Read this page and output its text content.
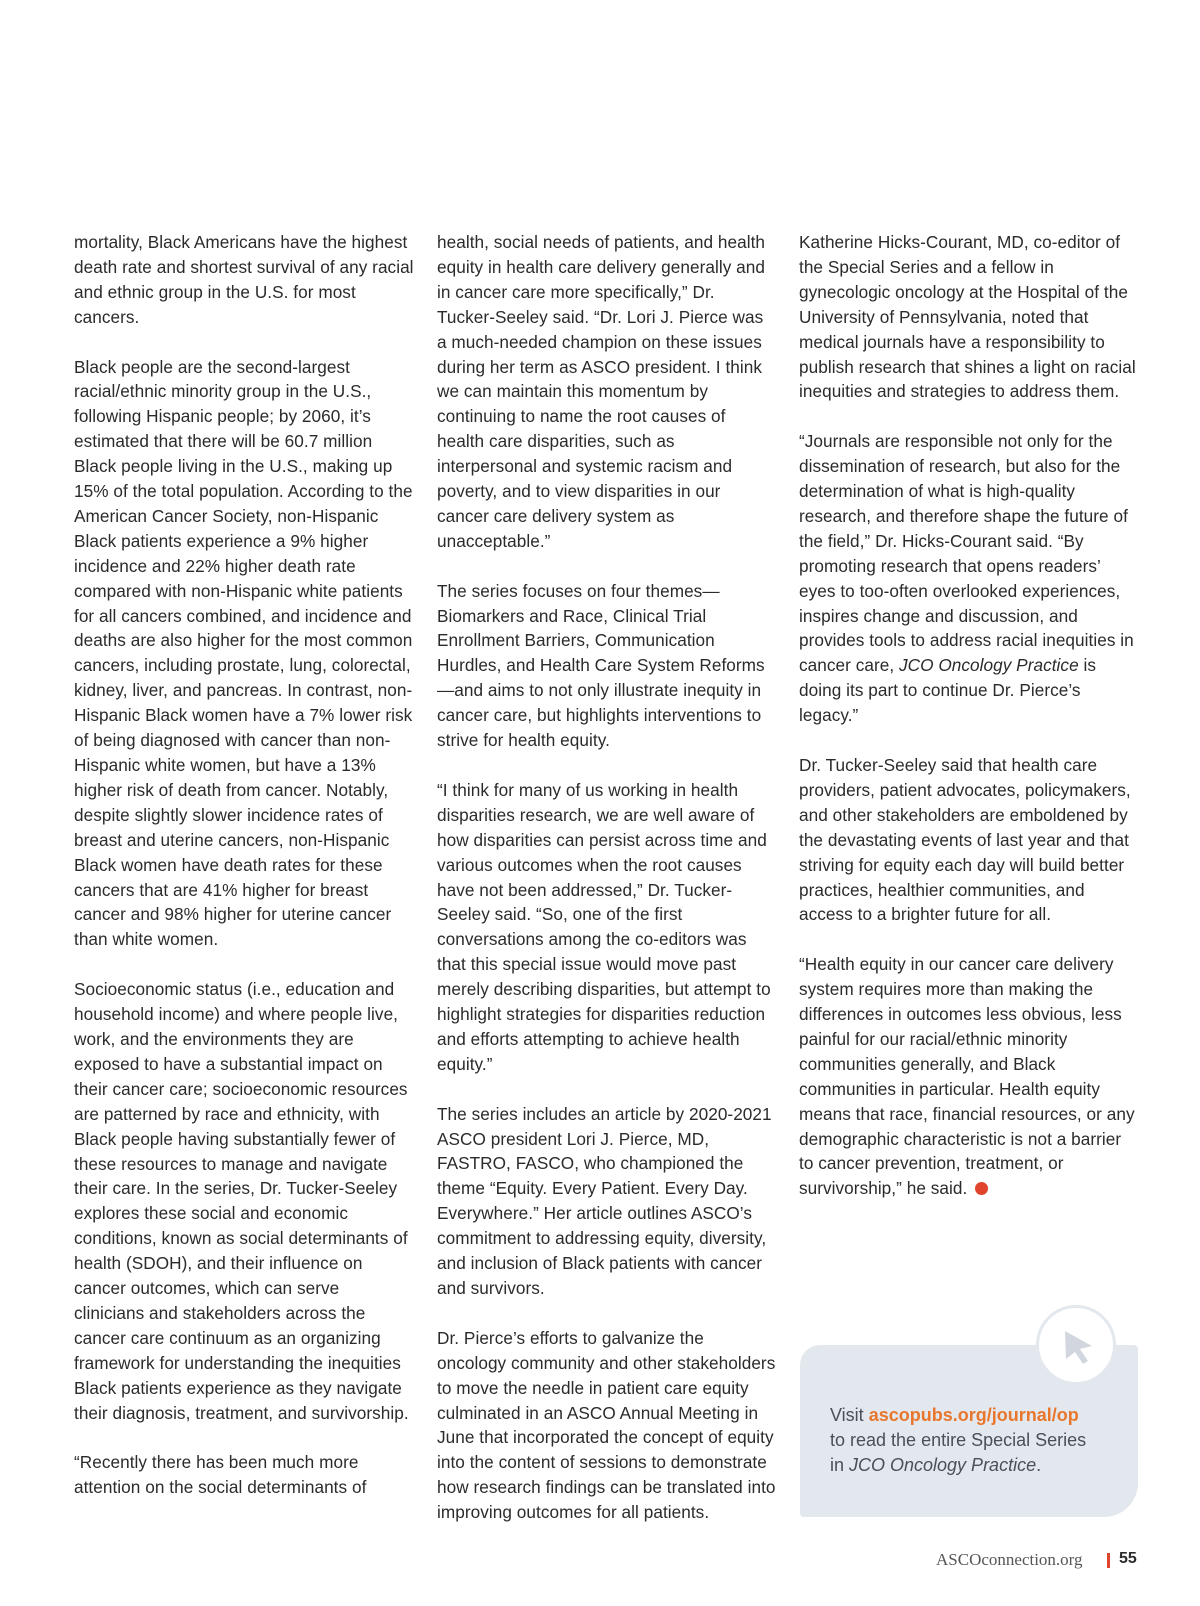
mortality, Black Americans have the highest death rate and shortest survival of any racial and ethnic group in the U.S. for most cancers.

Black people are the second-largest racial/ethnic minority group in the U.S., following Hispanic people; by 2060, it’s estimated that there will be 60.7 million Black people living in the U.S., making up 15% of the total population. According to the American Cancer Society, non-Hispanic Black patients experience a 9% higher incidence and 22% higher death rate compared with non-Hispanic white patients for all cancers combined, and incidence and deaths are also higher for the most common cancers, including prostate, lung, colorectal, kidney, liver, and pancreas. In contrast, non-Hispanic Black women have a 7% lower risk of being diagnosed with cancer than non-Hispanic white women, but have a 13% higher risk of death from cancer. Notably, despite slightly slower incidence rates of breast and uterine cancers, non-Hispanic Black women have death rates for these cancers that are 41% higher for breast cancer and 98% higher for uterine cancer than white women.

Socioeconomic status (i.e., education and household income) and where people live, work, and the environments they are exposed to have a substantial impact on their cancer care; socioeconomic resources are patterned by race and ethnicity, with Black people having substantially fewer of these resources to manage and navigate their care. In the series, Dr. Tucker-Seeley explores these social and economic conditions, known as social determinants of health (SDOH), and their influence on cancer outcomes, which can serve clinicians and stakeholders across the cancer care continuum as an organizing framework for understanding the inequities Black patients experience as they navigate their diagnosis, treatment, and survivorship.

“Recently there has been much more attention on the social determinants of

health, social needs of patients, and health equity in health care delivery generally and in cancer care more specifically,” Dr. Tucker-Seeley said. “Dr. Lori J. Pierce was a much-needed champion on these issues during her term as ASCO president. I think we can maintain this momentum by continuing to name the root causes of health care disparities, such as interpersonal and systemic racism and poverty, and to view disparities in our cancer care delivery system as unacceptable.”

The series focuses on four themes—Biomarkers and Race, Clinical Trial Enrollment Barriers, Communication Hurdles, and Health Care System Reforms—and aims to not only illustrate inequity in cancer care, but highlights interventions to strive for health equity.

“I think for many of us working in health disparities research, we are well aware of how disparities can persist across time and various outcomes when the root causes have not been addressed,” Dr. Tucker-Seeley said. “So, one of the first conversations among the co-editors was that this special issue would move past merely describing disparities, but attempt to highlight strategies for disparities reduction and efforts attempting to achieve health equity.”

The series includes an article by 2020-2021 ASCO president Lori J. Pierce, MD, FASTRO, FASCO, who championed the theme “Equity. Every Patient. Every Day. Everywhere.” Her article outlines ASCO’s commitment to addressing equity, diversity, and inclusion of Black patients with cancer and survivors.

Dr. Pierce’s efforts to galvanize the oncology community and other stakeholders to move the needle in patient care equity culminated in an ASCO Annual Meeting in June that incorporated the concept of equity into the content of sessions to demonstrate how research findings can be translated into improving outcomes for all patients.

Katherine Hicks-Courant, MD, co-editor of the Special Series and a fellow in gynecologic oncology at the Hospital of the University of Pennsylvania, noted that medical journals have a responsibility to publish research that shines a light on racial inequities and strategies to address them.

“Journals are responsible not only for the dissemination of research, but also for the determination of what is high-quality research, and therefore shape the future of the field,” Dr. Hicks-Courant said. “By promoting research that opens readers’ eyes to too-often overlooked experiences, inspires change and discussion, and provides tools to address racial inequities in cancer care, JCO Oncology Practice is doing its part to continue Dr. Pierce’s legacy.”

Dr. Tucker-Seeley said that health care providers, patient advocates, policymakers, and other stakeholders are emboldened by the devastating events of last year and that striving for equity each day will build better practices, healthier communities, and access to a brighter future for all.

“Health equity in our cancer care delivery system requires more than making the differences in outcomes less obvious, less painful for our racial/ethnic minority communities generally, and Black communities in particular. Health equity means that race, financial resources, or any demographic characteristic is not a barrier to cancer prevention, treatment, or survivorship,” he said.

Visit ascopubs.org/journal/op
to read the entire Special Series
in JCO Oncology Practice.
ASCOconnection.org 55
